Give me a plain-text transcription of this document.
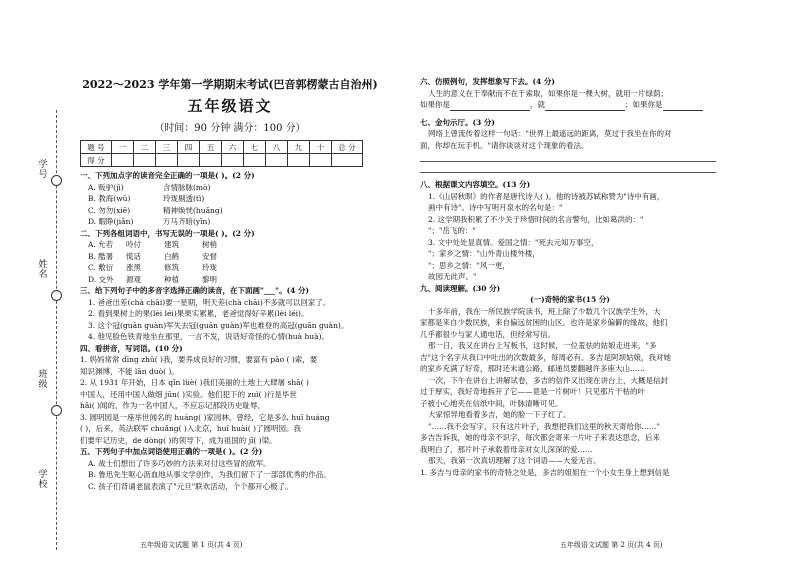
学号
姓名
班级
学校
2022～2023 学年第一学期期末考试(巴音郭楞蒙古自治州)
五年级语文
（时间：90 分钟 满分：100 分）
题 号	一	二	三	四	五	六	七	八	九	十	总 分
得 分											
一、下列加点字的读音完全正确的一项是( )。(2 分)
A. 贩驴(jì)	含情脉脉(mò)
B. 教海(wǔ)	玲珑剔透(tì)
C. 勿勿(xiē)	精神焕恍(huǎng)
D. 暇睁(jiǎn)	万马齐暗(yīn)
二、下列各组词语中，书写无误的一项是( )。(2 分)
A. 允若	呤付	建筑	树梢
B. 酷署	慌话	白鹤	安督
C. 敷衍	涨黑	修筑	玲珑
D. 交外	源观	种植	黎明
三、给下列句子中的多音字选择正确的读音，在下面画"___"。(4 分)
1. 爸爸出差(chà chāi)要一星期，明天差(chà chāi)不多就可以回家了。
2. 看到果树上的果(lèi léi)果果实累累，老爸觉得好辛累(lèi léi)。
3. 这个冠(guān guàn)军失去冠(guān guàn)军也难登的高冠(guān guàn)。
4. 他见脸色铁青地坐在那里，一言不发，说话好奇怪的心情(huà huà)。
四、看拼音，写词语。(10 分)
1. 妈妈常常 dīng zhǔ( )我，要养成良好的习惯，要富有 pǎo ( )索，要
知识渊博，不能 lān duò( )。
2. 从 1931 年开始，日本 qīn lüè( )我们美丽的土地上大肆屠 shā( )
中国人，还用中国人做细 jūn( )实验。他们犯下的 zuì( )行是毕世
hǎi( )闻的，作为一名中国人，不应忘记那段历史耻辱。
3. 圆明园是一座举世闻名的 huáng( )家园林。曾经，它是多么 huī huáng
( )，后来，英法联军 chuǎng( )入北京，huǐ huài( )了圆明园。我
们要牢记历史，de dòng( )的领导下，成为祖国的 jī( )梁。
五、下列句子中加点词语使用正确的一项是( )。(2 分)
A. 战士们想出了许多巧妙的方法来对付这些冒的敌军。
B. 鲁迅先生呕心沥血地从事文学创作，为我们留下了一部部优秀的作品。
C. 孩子们背诵老鼠表演了"元旦"联欢活动，个个都开心极了。
五年级语文试题 第 1 页(共 4 页)
六、仿照例句，发挥想象写下去。(4 分)
人生的意义在于奉献而不在于索取，如果你是一棵大树，就用一片绿荫；
如果你是	，就	；如果你是
七、金句示厅。(3 分)
网络上曾流传着这样一句话："世界上最遥远的距离，莫过于我坐在你的对
面，你却在玩手机。"请你谈谈对这个现象的看法。
八、根据课文内容填空。(13 分)
1.《山居秋暝》的作者是唐代诗人( )。他的诗被苏轼称赞为"诗中有画，
画中有诗"。诗中写明月泉水的名句是："
2. 这学期我积累了不少关于珍惜时间的名言警句，比如葛洪的："
"；"岳飞的："
3. 文中处处显真情。爱国之情："死去元知万事空，
"；家乡之情："山外青山楼外楼，
"；思乡之情："风一更，
故园无此声。"
九、阅读理解。(30 分)
(一)奇特的家书(15 分)
十多年前，我在一所民族学院读书，班上除了少数几个汉族学生外，大
家都是来自少数民族，来自偏远贫困的山区。也许是家乡偏僻的缘故，他们
几乎都很少与家人通电话，但经常写信。
那一日，我又在讲台上写板书，这时候，一位羞怯的姑娘走进来，"多
吉"这个名字从我口中吐出的次数最多，每周必有。多吉是阿坝姑娘，我对她
的家乡充满了好奇，那时还未通公路，邮递员要翻越许多座大山……
一次，下午在讲台上讲解试卷，多吉的信件又出现在讲台上，大概是信封
过于厚实，我好奇地拆开了它——竟是一片树叶！只见那片干枯的叶
子被小心地夹在信纸中间，叶脉清晰可见。
大家惊异地看着多吉，她的脸一下子红了。
"……我不会写字，只有这片叶子，我想把我们这里的秋天寄给你……"
多吉告诉我，她的母亲不识字，每次都会寄来一片叶子来表达思念，后来
我明白了，那片叶子承载着母亲对女儿深深的爱……
那天，我第一次真切理解了这个词语——大爱无言。
1. 多吉与母亲的家书的奇特之处是，多吉的姐姐在一个小女生身上想到信是
五年级语文试题 第 2 页(共 4 页)
